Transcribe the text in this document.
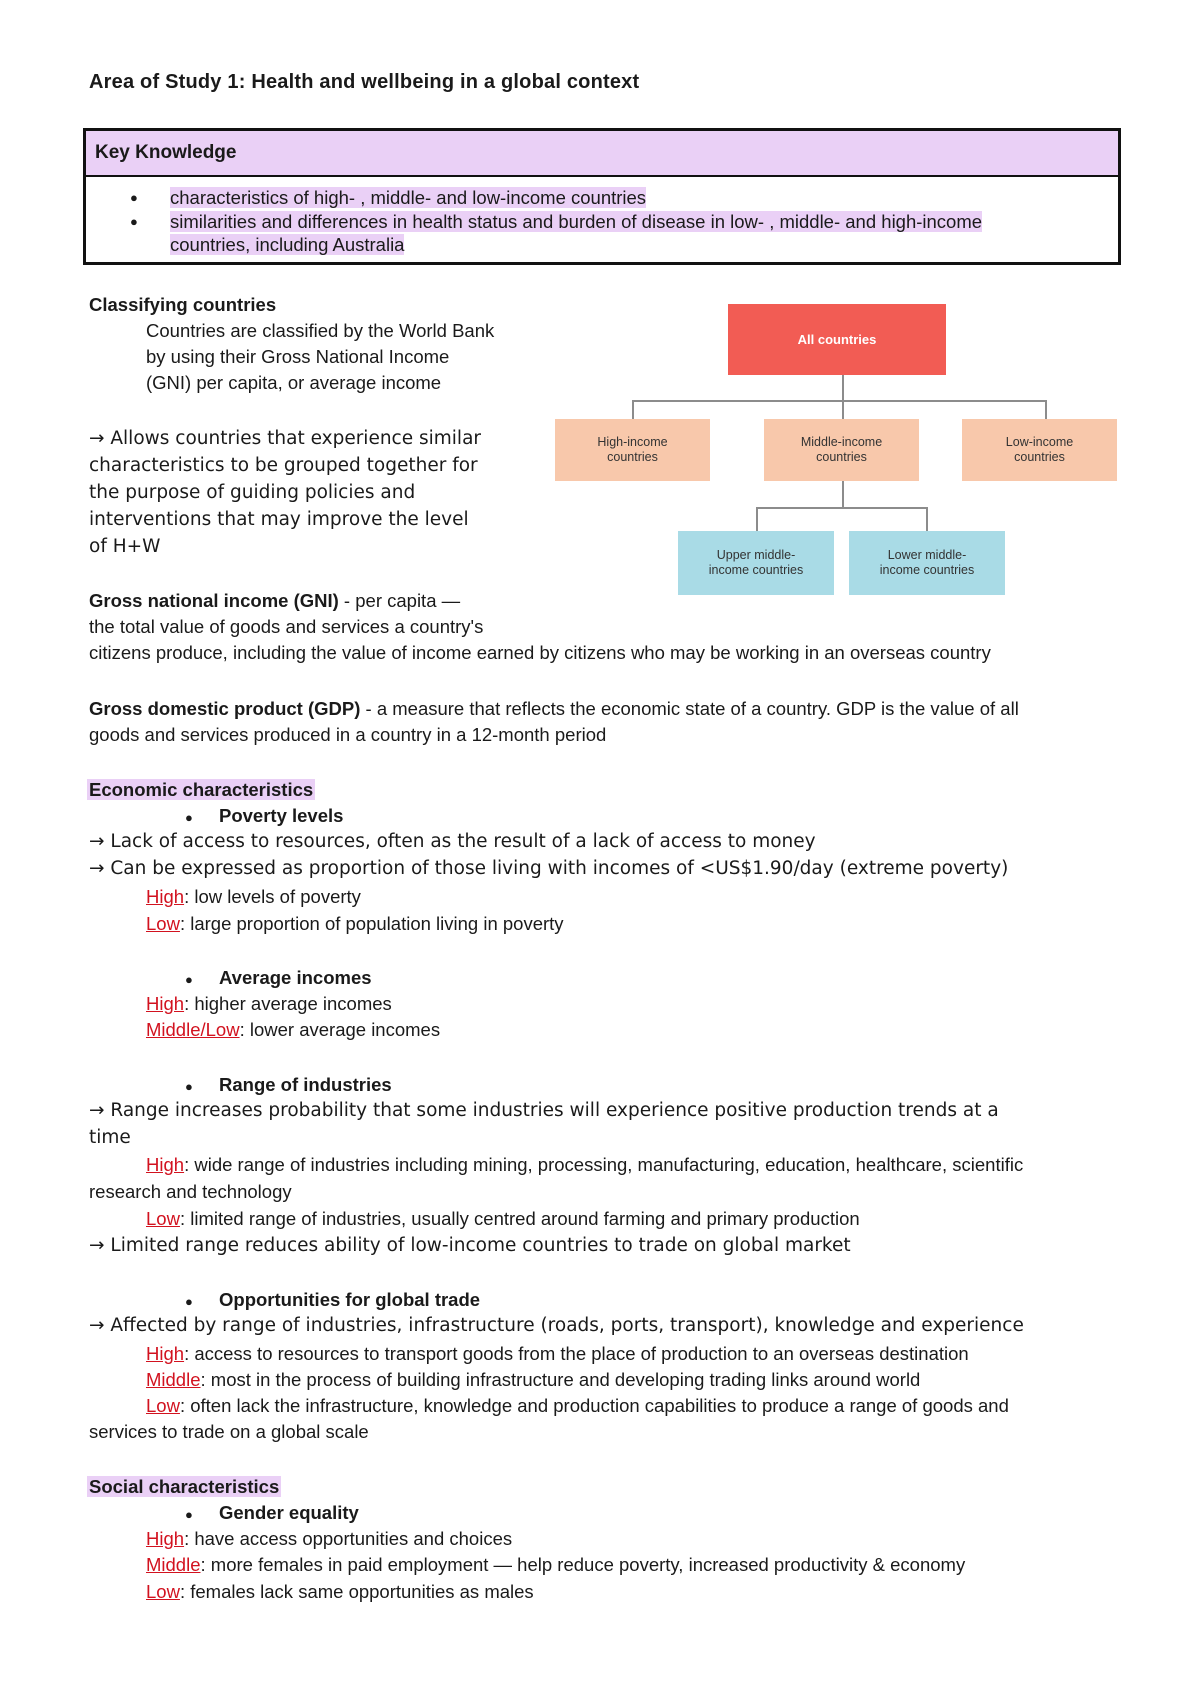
Area of Study 1: Health and wellbeing in a global context
Key Knowledge
● characteristics of high- , middle- and low-income countries
● similarities and differences in health status and burden of disease in low- , middle- and high-income
countries, including Australia
Classifying countries
Countries are classified by the World Bank
by using their Gross National Income
(GNI) per capita, or average income
→ Allows countries that experience similar
characteristics to be grouped together for
the purpose of guiding policies and
interventions that may improve the level
of H+W
All countries
High-income
countries
Middle-income
countries
Low-income
countries
Upper middle-
income countries
Lower middle-
income countries
Gross national income (GNI) - per capita —
the total value of goods and services a country's
citizens produce, including the value of income earned by citizens who may be working in an overseas country
Gross domestic product (GDP) - a measure that reflects the economic state of a country. GDP is the value of all
goods and services produced in a country in a 12-month period
Economic characteristics
● Poverty levels
→ Lack of access to resources, often as the result of a lack of access to money
→ Can be expressed as proportion of those living with incomes of <US$1.90/day (extreme poverty)
High: low levels of poverty
Low: large proportion of population living in poverty
● Average incomes
High: higher average incomes
Middle/Low: lower average incomes
● Range of industries
→ Range increases probability that some industries will experience positive production trends at a
time
High: wide range of industries including mining, processing, manufacturing, education, healthcare, scientific
research and technology
Low: limited range of industries, usually centred around farming and primary production
→ Limited range reduces ability of low-income countries to trade on global market
● Opportunities for global trade
→ Affected by range of industries, infrastructure (roads, ports, transport), knowledge and experience
High: access to resources to transport goods from the place of production to an overseas destination
Middle: most in the process of building infrastructure and developing trading links around world
Low: often lack the infrastructure, knowledge and production capabilities to produce a range of goods and
services to trade on a global scale
Social characteristics
● Gender equality
High: have access opportunities and choices
Middle: more females in paid employment — help reduce poverty, increased productivity & economy
Low: females lack same opportunities as males
